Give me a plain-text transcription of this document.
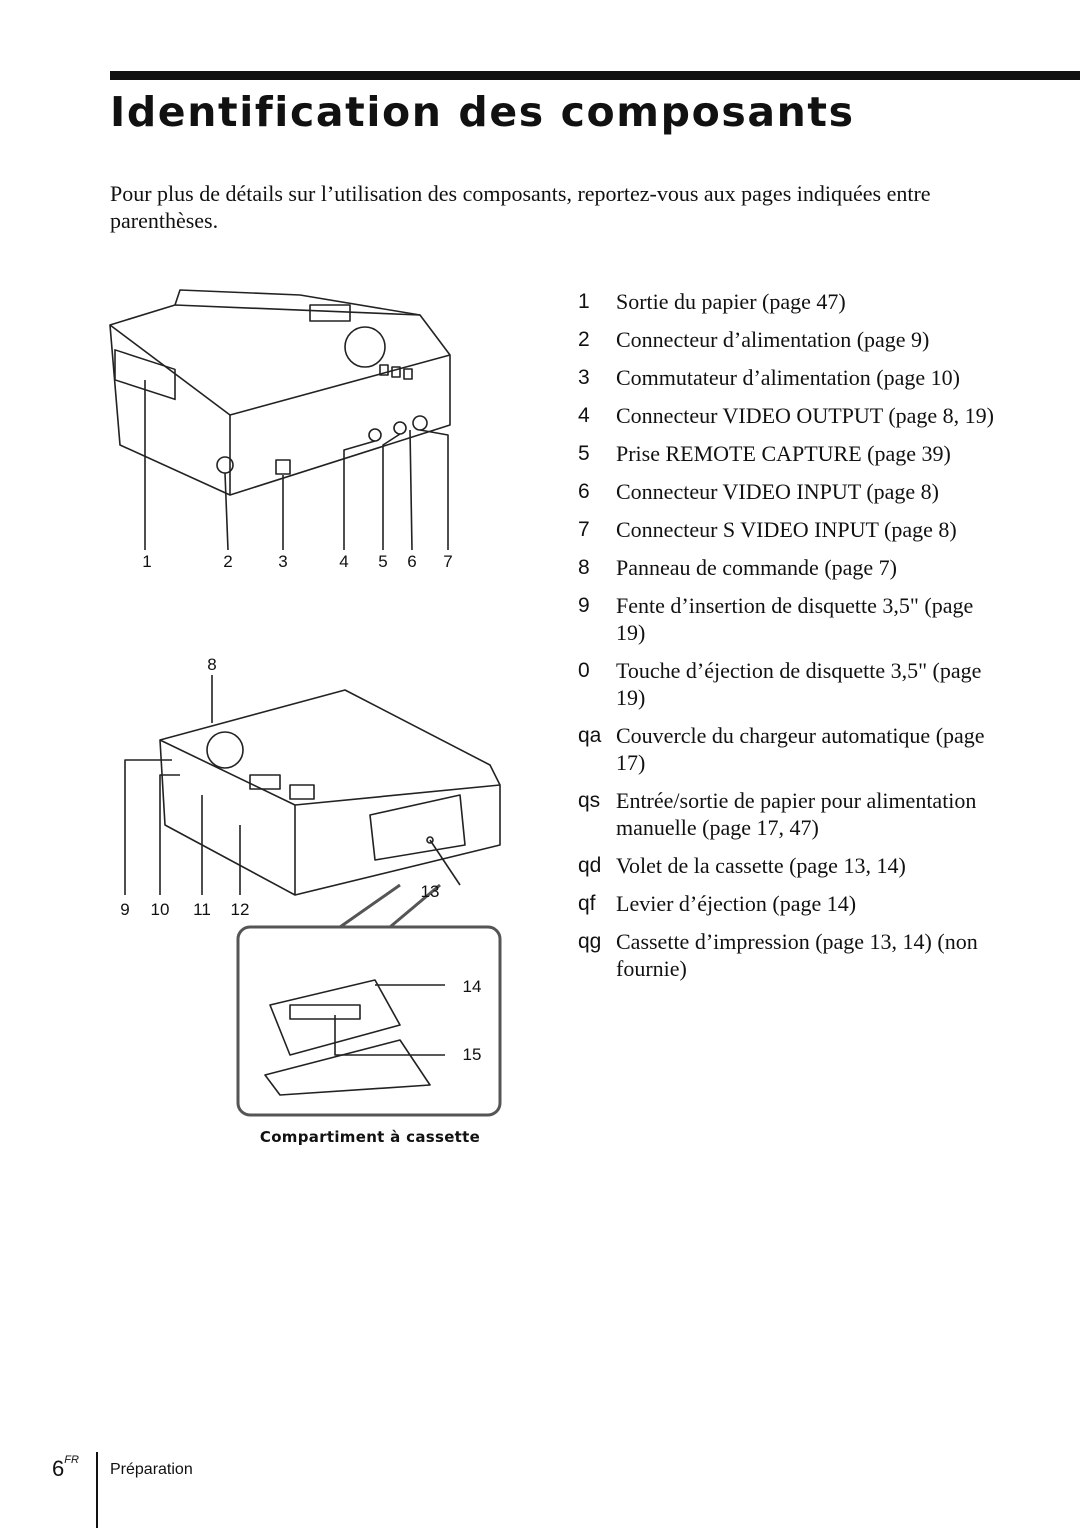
Identification des composants

Pour plus de détails sur l’utilisation des composants, reportez-vous aux pages indiquées entre parenthèses.

1	2	3	4 5 6 7
8
9 10 11 12
13
14
15
Compartiment à cassette
1	Sortie du papier (page 47)
2	Connecteur d’alimentation (page 9)
3	Commutateur d’alimentation (page 10)
4	Connecteur VIDEO OUTPUT (page 8, 19)
5	Prise REMOTE CAPTURE (page 39)
6	Connecteur VIDEO INPUT (page 8)
7	Connecteur S VIDEO INPUT (page 8)
8	Panneau de commande (page 7)
9	Fente d’insertion de disquette 3,5" (page 19)
0	Touche d’éjection de disquette 3,5" (page 19)
qa Couvercle du chargeur automatique (page 17)
qs Entrée/sortie de papier pour alimentation manuelle (page 17, 47)
qd Volet de la cassette (page 13, 14)
qf Levier d’éjection (page 14)
qg Cassette d’impression (page 13, 14) (non fournie)
$6^{FR}$
Préparation
